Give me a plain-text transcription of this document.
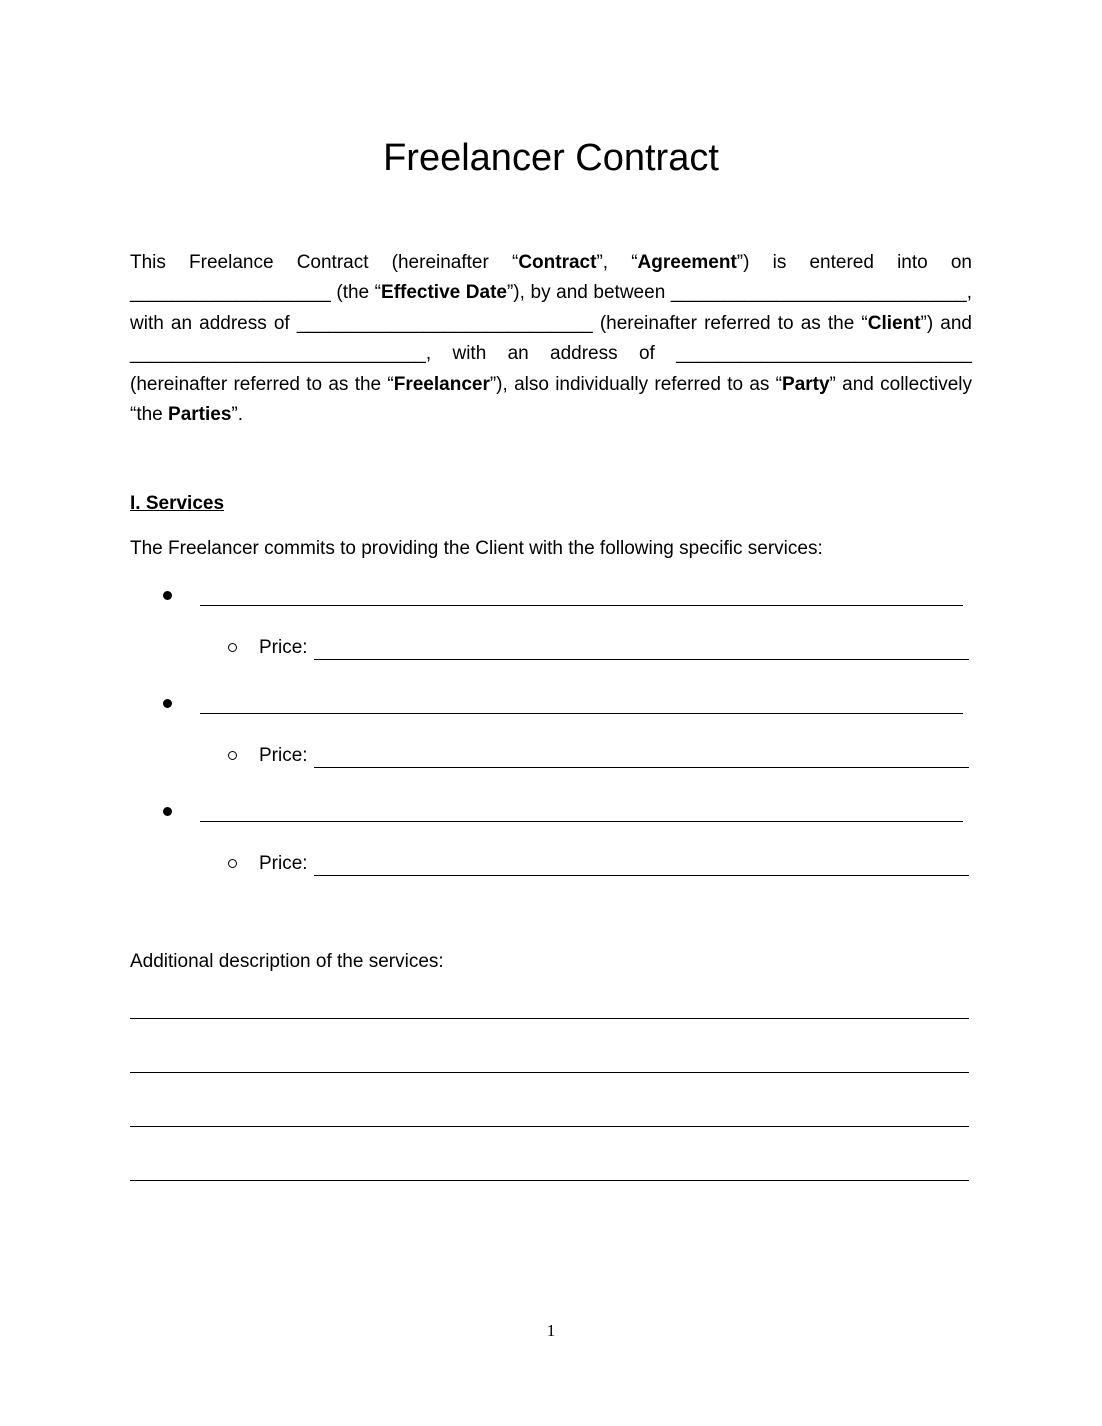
Freelancer Contract

This Freelance Contract (hereinafter “Contract”, “Agreement”) is entered into on ___________________ (the “Effective Date”), by and between ____________________________, with an address of ____________________________ (hereinafter referred to as the “Client”) and ____________________________, with an address of ____________________________ (hereinafter referred to as the “Freelancer”), also individually referred to as “Party” and collectively “the Parties”.

I. Services

The Freelancer commits to providing the Client with the following specific services:

Price:

Price:

Price:

Additional description of the services:

1
